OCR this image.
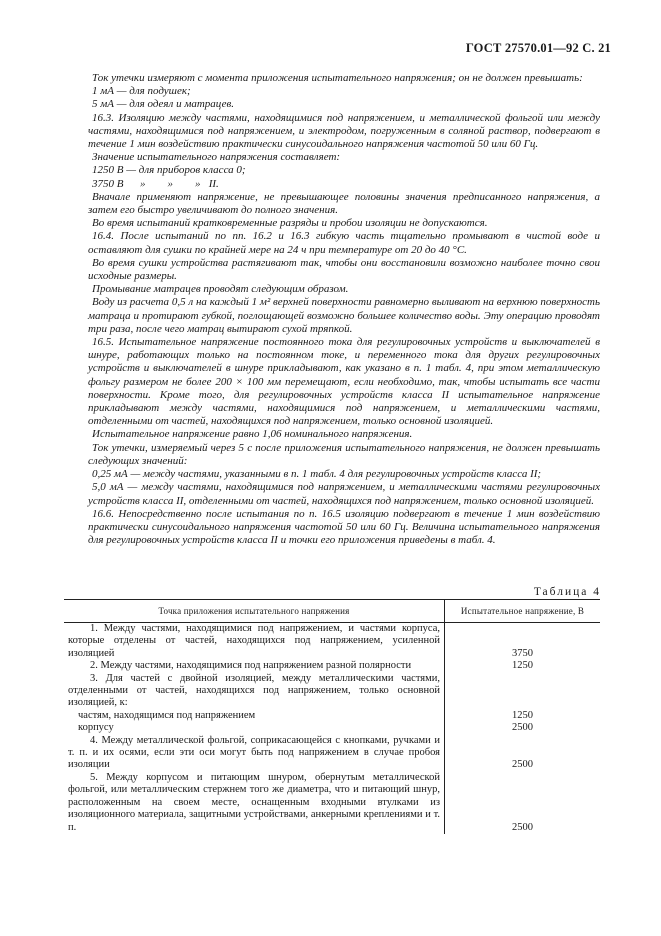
ГОСТ 27570.01—92 С. 21

Ток утечки измеряют с момента приложения испытательного напряжения; он не должен превышать:

1 мА — для подушек;

5 мА — для одеял и матрацев.

16.3. Изоляцию между частями, находящимися под напряжением, и металлической фольгой или между частями, находящимися под напряжением, и электродом, погруженным в соляной раствор, подвергают в течение 1 мин воздействию практически синусоидального напряжения частотой 50 или 60 Гц.

Значение испытательного напряжения составляет:

1250 В — для приборов класса 0;

3750 В      »        »        »   II.

Вначале применяют напряжение, не превышающее половины значения предписанного напряжения, а затем его быстро увеличивают до полного значения.

Во время испытаний кратковременные разряды и пробои изоляции не допускаются.

16.4. После испытаний по пп. 16.2 и 16.3 гибкую часть тщательно промывают в чистой воде и оставляют для сушки по крайней мере на 24 ч при температуре от 20 до 40 °С.

Во время сушки устройства растягивают так, чтобы они восстановили возможно наиболее точно свои исходные размеры.

Промывание матрацев проводят следующим образом.

Воду из расчета 0,5 л на каждый 1 м² верхней поверхности равномерно выливают на верхнюю поверхность матраца и протирают губкой, поглощающей возможно большее количество воды. Эту операцию проводят три раза, после чего матрац вытирают сухой тряпкой.

16.5. Испытательное напряжение постоянного тока для регулировочных устройств и выключателей в шнуре, работающих только на постоянном токе, и переменного тока для других регулировочных устройств и выключателей в шнуре прикладывают, как указано в п. 1 табл. 4, при этом металлическую фольгу размером не более 200 × 100 мм перемещают, если необходимо, так, чтобы испытать все части поверхности. Кроме того, для регулировочных устройств класса II испытательное напряжение прикладывают между частями, находящимися под напряжением, и металлическими частями, отделенными от частей, находящихся под напряжением, только основной изоляцией.

Испытательное напряжение равно 1,06 номинального напряжения.

Ток утечки, измеряемый через 5 с после приложения испытательного напряжения, не должен превышать следующих значений:

0,25 мА — между частями, указанными в п. 1 табл. 4 для регулировочных устройств класса II;

5,0 мА — между частями, находящимися под напряжением, и металлическими частями регулировочных устройств класса II, отделенными от частей, находящихся под напряжением, только основной изоляцией.

16.6. Непосредственно после испытания по п. 16.5 изоляцию подвергают в течение 1 мин воздействию практически синусоидального напряжения частотой 50 или 60 Гц. Величина испытательного напряжения для регулировочных устройств класса II и точки его приложения приведены в табл. 4.

Таблица 4
Точка приложения испытательного напряжения	Испытательное напряжение, В

1. Между частями, находящимися под напряжением, и частями корпуса, которые отделены от частей, находящихся под напряжением, усиленной изоляцией	3750

2. Между частями, находящимися под напряжением разной полярности	1250

3. Для частей с двойной изоляцией, между металлическими частями, отделенными от частей, находящихся под напряжением, только основной изоляцией, к:	

частям, находящимся под напряжением	1250

корпусу	2500

4. Между металлической фольгой, соприкасающейся с кнопками, ручками и т. п. и их осями, если эти оси могут быть под напряжением в случае пробоя изоляции	2500

5. Между корпусом и питающим шнуром, обернутым металлической фольгой, или металлическим стержнем того же диаметра, что и питающий шнур, расположенным на своем месте, оснащенным входными втулками из изоляционного материала, защитными устройствами, анкерными креплениями и т. п.	2500
